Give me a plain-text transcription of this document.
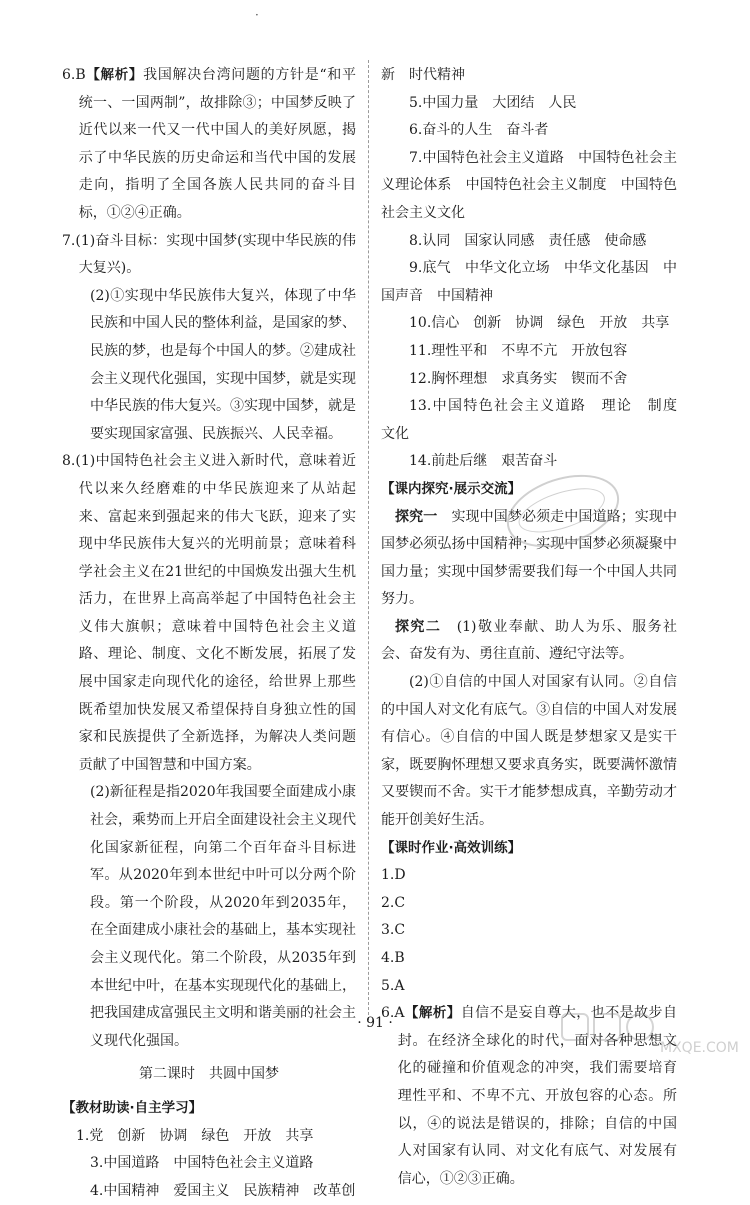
·

6.B【解析】我国解决台湾问题的方针是“和平统一、一国两制”，故排除③；中国梦反映了近代以来一代又一代中国人的美好夙愿，揭示了中华民族的历史命运和当代中国的发展走向，指明了全国各族人民共同的奋斗目标，①②④正确。

7.(1)奋斗目标：实现中国梦(实现中华民族的伟大复兴)。

(2)①实现中华民族伟大复兴，体现了中华民族和中国人民的整体利益，是国家的梦、民族的梦，也是每个中国人的梦。②建成社会主义现代化强国，实现中国梦，就是实现中华民族的伟大复兴。③实现中国梦，就是要实现国家富强、民族振兴、人民幸福。

8.(1)中国特色社会主义进入新时代，意味着近代以来久经磨难的中华民族迎来了从站起来、富起来到强起来的伟大飞跃，迎来了实现中华民族伟大复兴的光明前景；意味着科学社会主义在21世纪的中国焕发出强大生机活力，在世界上高高举起了中国特色社会主义伟大旗帜；意味着中国特色社会主义道路、理论、制度、文化不断发展，拓展了发展中国家走向现代化的途径，给世界上那些既希望加快发展又希望保持自身独立性的国家和民族提供了全新选择，为解决人类问题贡献了中国智慧和中国方案。

(2)新征程是指2020年我国要全面建成小康社会，乘势而上开启全面建设社会主义现代化国家新征程，向第二个百年奋斗目标进军。从2020年到本世纪中叶可以分两个阶段。第一个阶段，从2020年到2035年，在全面建成小康社会的基础上，基本实现社会主义现代化。第二个阶段，从2035年到本世纪中叶，在基本实现现代化的基础上，把我国建成富强民主文明和谐美丽的社会主义现代化强国。

第二课时　共圆中国梦

【教材助读·自主学习】

1.党　创新　协调　绿色　开放　共享

3.中国道路　中国特色社会主义道路

4.中国精神　爱国主义　民族精神　改革创

新　时代精神

5.中国力量　大团结　人民

6.奋斗的人生　奋斗者

7.中国特色社会主义道路　中国特色社会主义理论体系　中国特色社会主义制度　中国特色社会主义文化

8.认同　国家认同感　责任感　使命感

9.底气　中华文化立场　中华文化基因　中国声音　中国精神

10.信心　创新　协调　绿色　开放　共享

11.理性平和　不卑不亢　开放包容

12.胸怀理想　求真务实　锲而不舍

13.中国特色社会主义道路　理论　制度　文化

14.前赴后继　艰苦奋斗

【课内探究·展示交流】

探究一　 实现中国梦必须走中国道路；实现中国梦必须弘扬中国精神；实现中国梦必须凝聚中国力量；实现中国梦需要我们每一个中国人共同努力。

探究二　 (1)敬业奉献、助人为乐、服务社会、奋发有为、勇往直前、遵纪守法等。

(2)①自信的中国人对国家有认同。②自信的中国人对文化有底气。③自信的中国人对发展有信心。④自信的中国人既是梦想家又是实干家，既要胸怀理想又要求真务实，既要满怀激情又要锲而不舍。实干才能梦想成真，辛勤劳动才能开创美好生活。

【课时作业·高效训练】

1.D

2.C

3.C

4.B

5.A

6.A【解析】自信不是妄自尊大，也不是故步自封。在经济全球化的时代，面对各种思想文化的碰撞和价值观念的冲突，我们需要培育理性平和、不卑不亢、开放包容的心态。所以，④的说法是错误的，排除；自信的中国人对国家有认同、对文化有底气、对发展有信心，①②③正确。

MXQE.COM
· 91 ·
